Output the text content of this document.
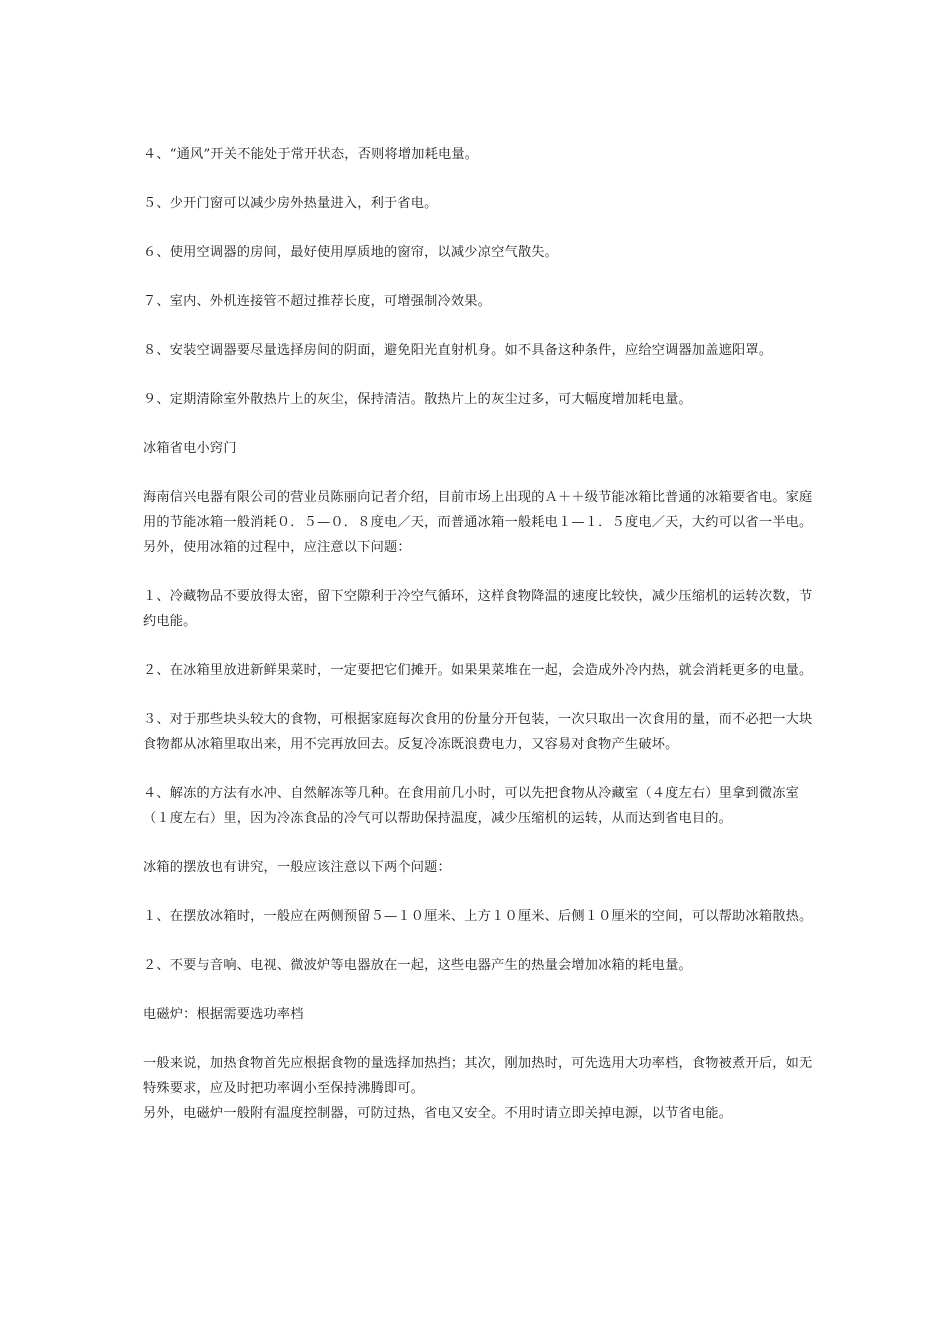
４、“通风”开关不能处于常开状态，否则将增加耗电量。

５、少开门窗可以减少房外热量进入，利于省电。

６、使用空调器的房间，最好使用厚质地的窗帘，以减少凉空气散失。

７、室内、外机连接管不超过推荐长度，可增强制冷效果。

８、安装空调器要尽量选择房间的阴面，避免阳光直射机身。如不具备这种条件，应给空调器加盖遮阳罩。

９、定期清除室外散热片上的灰尘，保持清洁。散热片上的灰尘过多，可大幅度增加耗电量。

冰箱省电小窍门

海南信兴电器有限公司的营业员陈丽向记者介绍，目前市场上出现的Ａ＋＋级节能冰箱比普通的冰箱要省电。家庭用的节能冰箱一般消耗０．５—０．８度电／天，而普通冰箱一般耗电１—１．５度电／天，大约可以省一半电。另外，使用冰箱的过程中，应注意以下问题：

１、冷藏物品不要放得太密，留下空隙利于冷空气循环，这样食物降温的速度比较快，减少压缩机的运转次数，节约电能。

２、在冰箱里放进新鲜果菜时，一定要把它们摊开。如果果菜堆在一起，会造成外冷内热，就会消耗更多的电量。

３、对于那些块头较大的食物，可根据家庭每次食用的份量分开包装，一次只取出一次食用的量，而不必把一大块食物都从冰箱里取出来，用不完再放回去。反复冷冻既浪费电力，又容易对食物产生破坏。

４、解冻的方法有水冲、自然解冻等几种。在食用前几小时，可以先把食物从冷藏室（４度左右）里拿到微冻室（１度左右）里，因为冷冻食品的冷气可以帮助保持温度，减少压缩机的运转，从而达到省电目的。

冰箱的摆放也有讲究，一般应该注意以下两个问题：

１、在摆放冰箱时，一般应在两侧预留５—１０厘米、上方１０厘米、后侧１０厘米的空间，可以帮助冰箱散热。

２、不要与音响、电视、微波炉等电器放在一起，这些电器产生的热量会增加冰箱的耗电量。

电磁炉：根据需要选功率档

一般来说，加热食物首先应根据食物的量选择加热挡；其次，刚加热时，可先选用大功率档，食物被煮开后，如无特殊要求，应及时把功率调小至保持沸腾即可。

另外，电磁炉一般附有温度控制器，可防过热，省电又安全。不用时请立即关掉电源，以节省电能。
